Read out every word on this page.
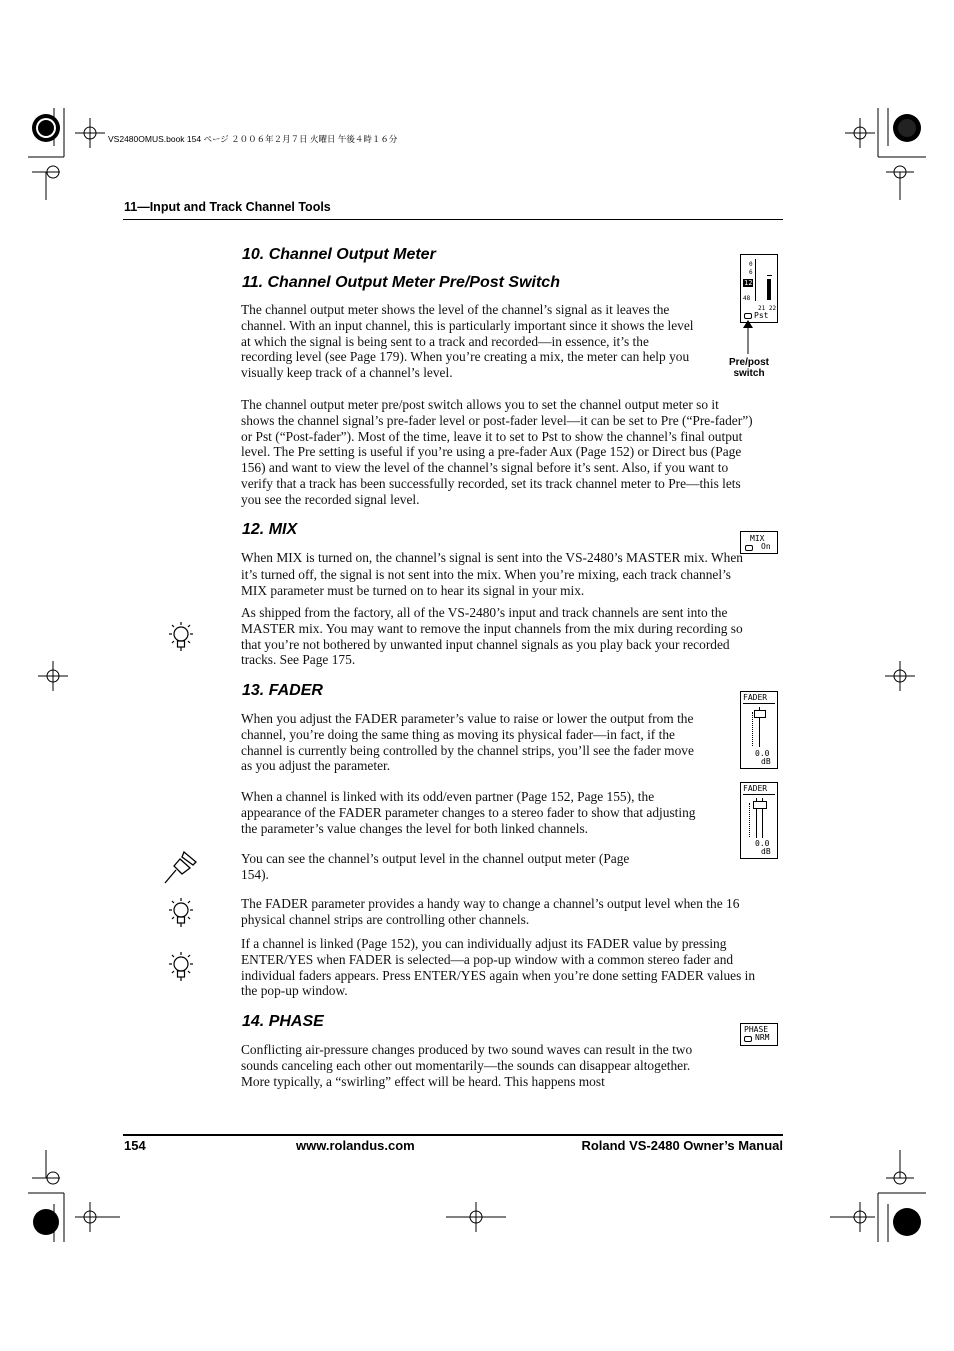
VS2480OMUS.book 154 ページ ２００６年２月７日 火曜日 午後４時１６分
11—Input and Track Channel Tools
10. Channel Output Meter
11. Channel Output Meter Pre/Post Switch
The channel output meter shows the level of the channel’s signal as it leaves the channel. With an input channel, this is particularly important since it shows the level at which the signal is being sent to a track and recorded—in essence, it’s the recording level (see Page 179). When you’re creating a mix, the meter can help you visually keep track of a channel’s level.
The channel output meter pre/post switch allows you to set the channel output meter so it shows the channel signal’s pre-fader level or post-fader level—it can be set to Pre (“Pre-fader”) or Pst (“Post-fader”). Most of the time, leave it to set to Pst to show the channel’s final output level. The Pre setting is useful if you’re using a pre-fader Aux (Page 152) or Direct bus (Page 156) and want to view the level of the channel’s signal before it’s sent. Also, if you want to verify that a track has been successfully recorded, set its track channel meter to Pre—this lets you see the recorded signal level.
0
6
12
48
21 22
Pst
Pre/post
switch
12. MIX
MIX
On
When MIX is turned on, the channel’s signal is sent into the VS-2480’s MASTER mix. When it’s turned off, the signal is not sent into the mix. When you’re mixing, each track channel’s MIX parameter must be turned on to hear its signal in your mix.
As shipped from the factory, all of the VS-2480’s input and track channels are sent into the MASTER mix. You may want to remove the input channels from the mix during recording so that you’re not bothered by unwanted input channel signals as you play back your recorded tracks. See Page 175.
13. FADER
When you adjust the FADER parameter’s value to raise or lower the output from the channel, you’re doing the same thing as moving its physical fader—in fact, if the channel is currently being controlled by the channel strips, you’ll see the fader move as you adjust the parameter.
When a channel is linked with its odd/even partner (Page 152, Page 155), the appearance of the FADER parameter changes to a stereo fader to show that adjusting the parameter’s value changes the level for both linked channels.
FADER
0.0
dB
FADER
0.0
dB
You can see the channel’s output level in the channel output meter (Page 154).
The FADER parameter provides a handy way to change a channel’s output level when the 16 physical channel strips are controlling other channels.
If a channel is linked (Page 152), you can individually adjust its FADER value by pressing ENTER/YES when FADER is selected—a pop-up window with a common stereo fader and individual faders appears. Press ENTER/YES again when you’re done setting FADER values in the pop-up window.
14. PHASE	PHASE
NRM
Conflicting air-pressure changes produced by two sound waves can result in the two sounds canceling each other out momentarily—the sounds can disappear altogether. More typically, a “swirling” effect will be heard. This happens most
154	www.rolandus.com	Roland VS-2480 Owner’s Manual
